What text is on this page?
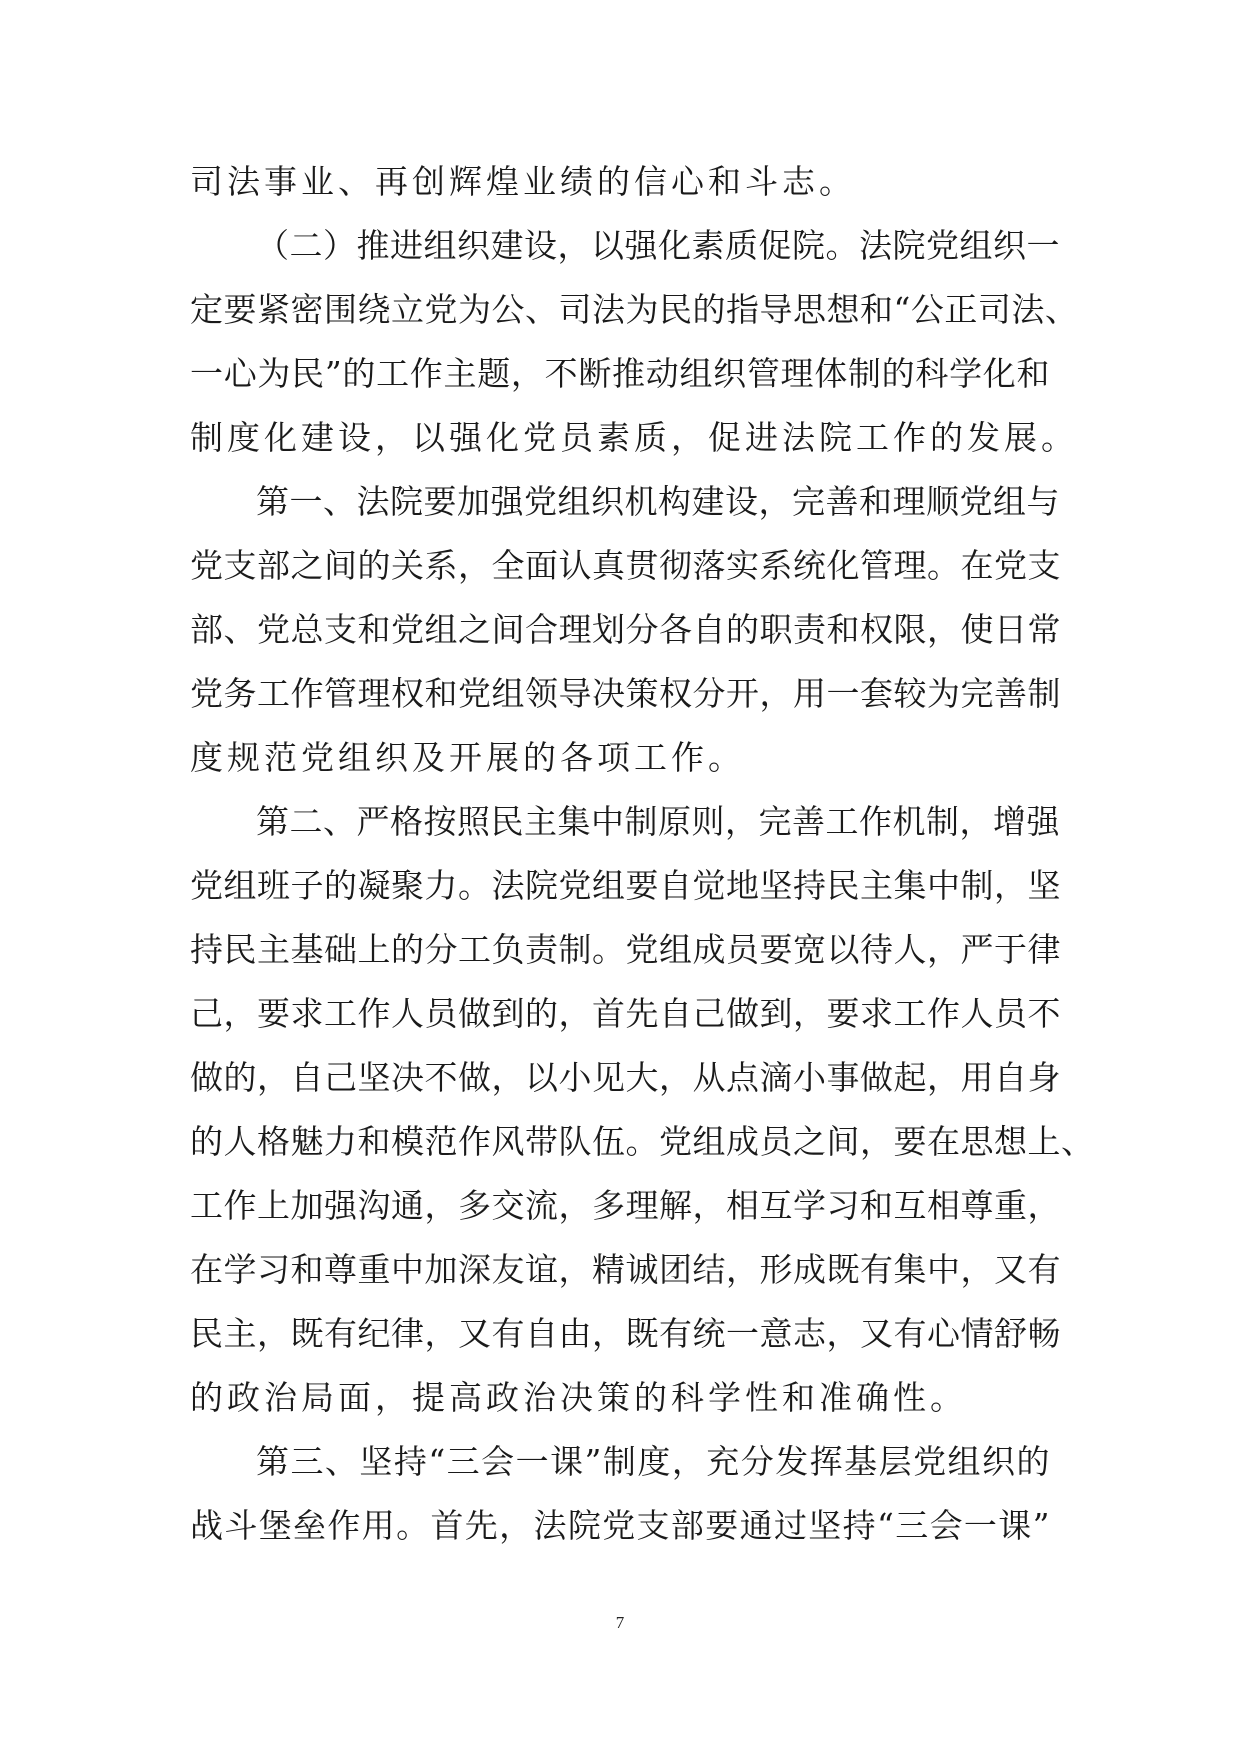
司法事业、再创辉煌业绩的信心和斗志。
（二）推进组织建设，以强化素质促院。法院党组织一
定要紧密围绕立党为公、司法为民的指导思想和“公正司法、
一心为民”的工作主题，不断推动组织管理体制的科学化和
制度化建设，以强化党员素质，促进法院工作的发展。
第一、法院要加强党组织机构建设，完善和理顺党组与
党支部之间的关系，全面认真贯彻落实系统化管理。在党支
部、党总支和党组之间合理划分各自的职责和权限，使日常
党务工作管理权和党组领导决策权分开，用一套较为完善制
度规范党组织及开展的各项工作。
第二、严格按照民主集中制原则，完善工作机制，增强
党组班子的凝聚力。法院党组要自觉地坚持民主集中制，坚
持民主基础上的分工负责制。党组成员要宽以待人，严于律
己，要求工作人员做到的，首先自己做到，要求工作人员不
做的，自己坚决不做，以小见大，从点滴小事做起，用自身
的人格魅力和模范作风带队伍。党组成员之间，要在思想上、
工作上加强沟通，多交流，多理解，相互学习和互相尊重，
在学习和尊重中加深友谊，精诚团结，形成既有集中，又有
民主，既有纪律，又有自由，既有统一意志，又有心情舒畅
的政治局面，提高政治决策的科学性和准确性。
第三、坚持“三会一课”制度，充分发挥基层党组织的
战斗堡垒作用。首先，法院党支部要通过坚持“三会一课”
7
